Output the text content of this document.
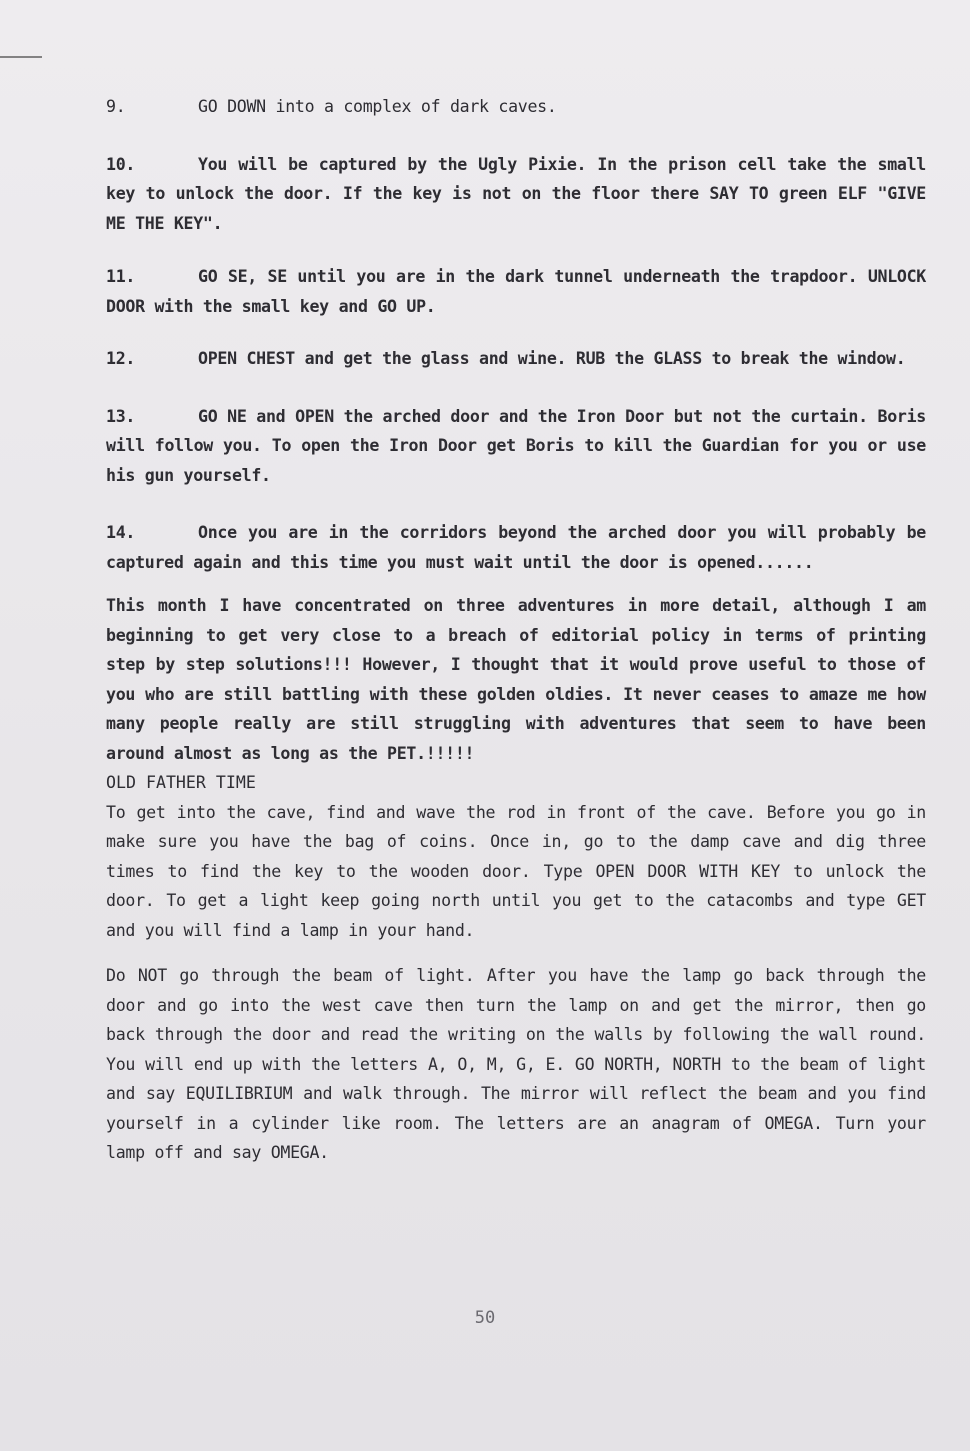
9.	GO DOWN into a complex of dark caves.

10.	You will be captured by the Ugly Pixie. In the prison cell take the small key to unlock the door. If the key is not on the floor there SAY TO green ELF "GIVE ME THE KEY".

11.	GO SE, SE until you are in the dark tunnel underneath the trapdoor. UNLOCK DOOR with the small key and GO UP.

12.	OPEN CHEST and get the glass and wine. RUB the GLASS to break the window.

13.	GO NE and OPEN the arched door and the Iron Door but not the curtain. Boris will follow you. To open the Iron Door get Boris to kill the Guardian for you or use his gun yourself.

14.	Once you are in the corridors beyond the arched door you will probably be captured again and this time you must wait until the door is opened......

This month I have concentrated on three adventures in more detail, although I am beginning to get very close to a breach of editorial policy in terms of printing step by step solutions!!! However, I thought that it would prove useful to those of you who are still battling with these golden oldies. It never ceases to amaze me how many people really are still struggling with adventures that seem to have been around almost as long as the PET.!!!!!

OLD FATHER TIME

To get into the cave, find and wave the rod in front of the cave. Before you go in make sure you have the bag of coins. Once in, go to the damp cave and dig three times to find the key to the wooden door. Type OPEN DOOR WITH KEY to unlock the door. To get a light keep going north until you get to the catacombs and type GET and you will find a lamp in your hand.

Do NOT go through the beam of light. After you have the lamp go back through the door and go into the west cave then turn the lamp on and get the mirror, then go back through the door and read the writing on the walls by following the wall round. You will end up with the letters A, O, M, G, E. GO NORTH, NORTH to the beam of light and say EQUILIBRIUM and walk through. The mirror will reflect the beam and you find yourself in a cylinder like room. The letters are an anagram of OMEGA. Turn your lamp off and say OMEGA.

50
